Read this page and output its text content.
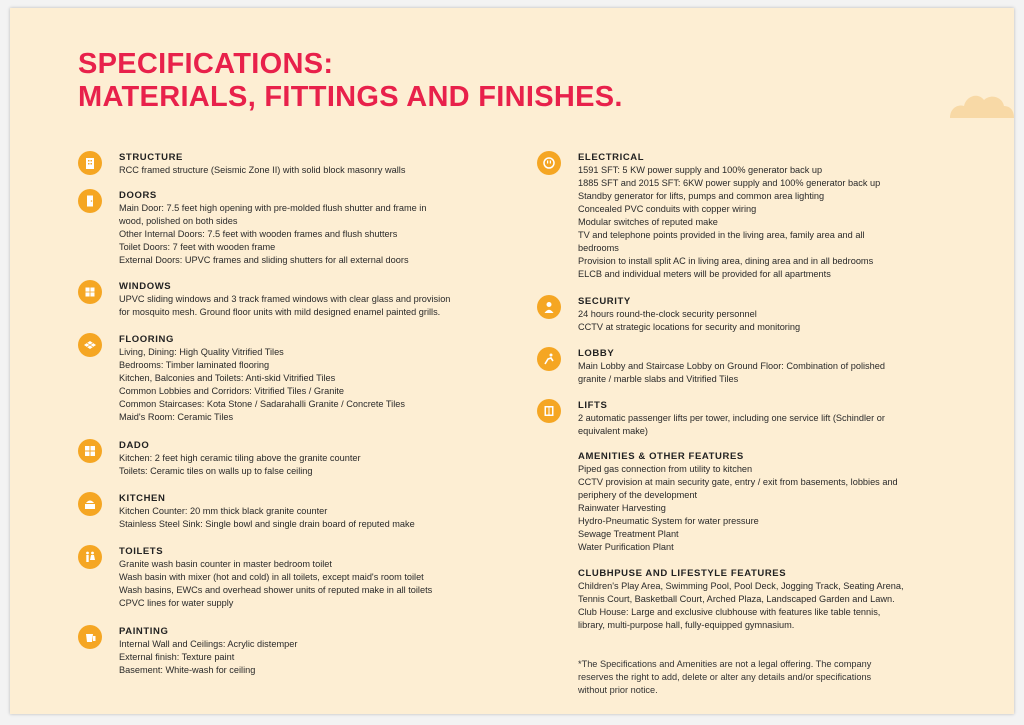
SPECIFICATIONS:
MATERIALS, FITTINGS AND FINISHES.
STRUCTURE
RCC framed structure (Seismic Zone II) with solid block masonry walls
DOORS
Main Door: 7.5 feet high opening with pre-molded flush shutter and frame in
wood, polished on both sides
Other Internal Doors: 7.5 feet with wooden frames and flush shutters
Toilet Doors: 7 feet with wooden frame
External Doors: UPVC frames and sliding shutters for all external doors
WINDOWS
UPVC sliding windows and 3 track framed windows with clear glass and provision
for mosquito mesh. Ground floor units with mild designed enamel painted grills.
FLOORING
Living, Dining: High Quality Vitrified Tiles
Bedrooms: Timber laminated flooring
Kitchen, Balconies and Toilets: Anti-skid Vitrified Tiles
Common Lobbies and Corridors: Vitrified Tiles / Granite
Common Staircases: Kota Stone / Sadarahalli Granite / Concrete Tiles
Maid's Room: Ceramic Tiles
DADO
Kitchen: 2 feet high ceramic tiling above the granite counter
Toilets: Ceramic tiles on walls up to false ceiling
KITCHEN
Kitchen Counter: 20 mm thick black granite counter
Stainless Steel Sink: Single bowl and single drain board of reputed make
TOILETS
Granite wash basin counter in master bedroom toilet
Wash basin with mixer (hot and cold) in all toilets, except maid's room toilet
Wash basins, EWCs and overhead shower units of reputed make in all toilets
CPVC lines for water supply
PAINTING
Internal Wall and Ceilings: Acrylic distemper
External finish: Texture paint
Basement: White-wash for ceiling
ELECTRICAL
1591 SFT: 5 KW power supply and 100% generator back up
1885 SFT and 2015 SFT: 6KW power supply and 100% generator back up
Standby generator for lifts, pumps and common area lighting
Concealed PVC conduits with copper wiring
Modular switches of reputed make
TV and telephone points provided in the living area, family area and all
bedrooms
Provision to install split AC in living area, dining area and in all bedrooms
ELCB and individual meters will be provided for all apartments
SECURITY
24 hours round-the-clock security personnel
CCTV at strategic locations for security and monitoring
LOBBY
Main Lobby and Staircase Lobby on Ground Floor: Combination of polished
granite / marble slabs and Vitrified Tiles
LIFTS
2 automatic passenger lifts per tower, including one service lift (Schindler or
equivalent make)
AMENITIES & OTHER FEATURES
Piped gas connection from utility to kitchen
CCTV provision at main security gate, entry / exit from basements, lobbies and
periphery of the development
Rainwater Harvesting
Hydro-Pneumatic System for water pressure
Sewage Treatment Plant
Water Purification Plant
CLUBHPUSE AND LIFESTYLE FEATURES
Children's Play Area, Swimming Pool, Pool Deck, Jogging Track, Seating Arena,
Tennis Court, Basketball Court, Arched Plaza, Landscaped Garden and Lawn.
Club House: Large and exclusive clubhouse with features like table tennis,
library, multi-purpose hall, fully-equipped gymnasium.
*The Specifications and Amenities are not a legal offering. The company
reserves the right to add, delete or alter any details and/or specifications
without prior notice.
